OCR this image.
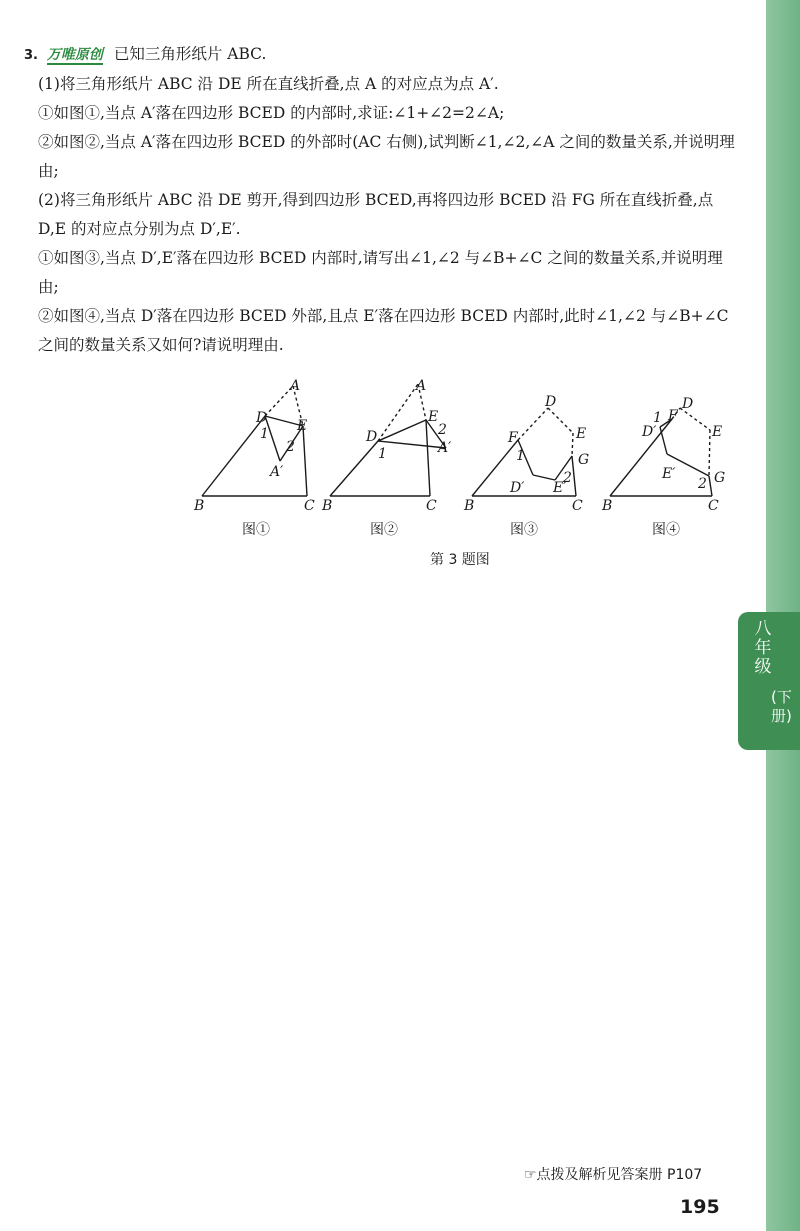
八年级
(下册)

3. 万唯原创 已知三角形纸片 ABC.

(1)将三角形纸片 ABC 沿 DE 所在直线折叠,点 A 的对应点为点 A′.

①如图①,当点 A′落在四边形 BCED 的内部时,求证:∠1+∠2=2∠A;

②如图②,当点 A′落在四边形 BCED 的外部时(AC 右侧),试判断∠1,∠2,∠A 之间的数量关系,并说明理由;

(2)将三角形纸片 ABC 沿 DE 剪开,得到四边形 BCED,再将四边形 BCED 沿 FG 所在直线折叠,点 D,E 的对应点分别为点 D′,E′.

①如图③,当点 D′,E′落在四边形 BCED 内部时,请写出∠1,∠2 与∠B+∠C 之间的数量关系,并说明理由;

②如图④,当点 D′落在四边形 BCED 外部,且点 E′落在四边形 BCED 内部时,此时∠1,∠2 与∠B+∠C 之间的数量关系又如何?请说明理由.

B	C
D E
A
A′
1
2
B	C
D
E
A
A′
1
2
B	C
D
E
F
G
D′ E′
1
2
B	C
D
E
F
G
D′
E′
1
2
图①	图②	图③	图④
第 3 题图
☞点拨及解析见答案册 P107
195
